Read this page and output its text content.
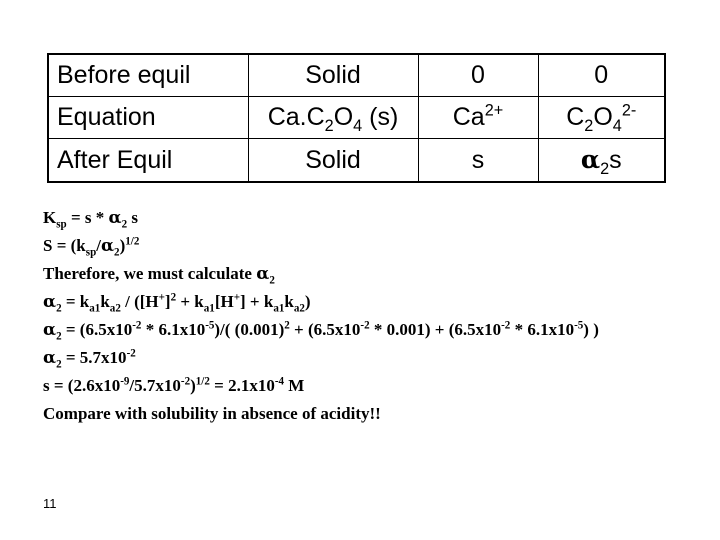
Before equil	Solid	0	0
Equation	$Ca.C_2O_4$ (s)	$Ca^{2+}$	$C_2O_4^{2-}$
After Equil	Solid	s	$\alpha_2s$
$K_{sp} = s * \alpha_2$ s
$S = (k_{sp}/\alpha_2)^{1/2}$
Therefore, we must calculate $\alpha_2$
$\alpha_2 = k_{a1}k_{a2} / ([H^+]^2 + k_{a1}[H^+] + k_{a1}k_{a2})$
$\alpha_2 = (6.5x10^{-2} * 6.1x10^{-5})/$( $(0.001)^2 + (6.5x10^{-2} * 0.001) + (6.5x10^{-2} * 6.1x10^{-5})$ )
$\alpha_2 = 5.7x10^{-2}$
$s = (2.6x10^{-9}/5.7x10^{-2})^{1/2} = 2.1x10^{-4}$ M
Compare with solubility in absence of acidity!!
11
